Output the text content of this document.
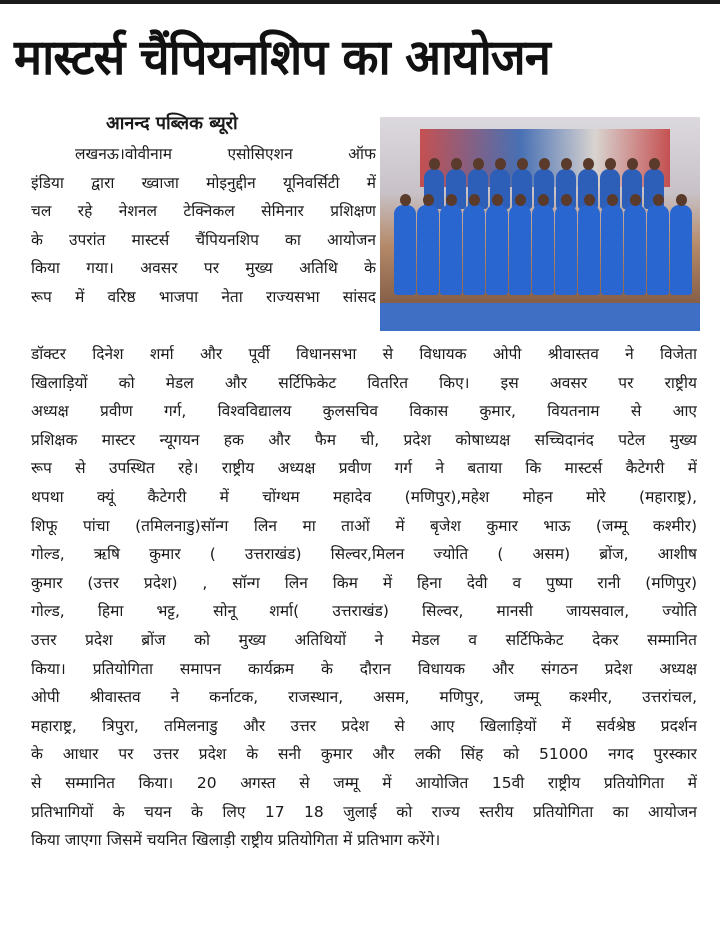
मास्टर्स चैंपियनशिप का आयोजन
आनन्द पब्लिक ब्यूरो
लखनऊ।वोवीनाम एसोसिएशन ऑफ
इंडिया द्वारा ख्वाजा मोइनुद्दीन यूनिवर्सिटी में
चल रहे नेशनल टेक्निकल सेमिनार प्रशिक्षण
के उपरांत मास्टर्स चैंपियनशिप का आयोजन
किया गया। अवसर पर मुख्य अतिथि के
रूप में वरिष्ठ भाजपा नेता राज्यसभा सांसद
डॉक्टर दिनेश शर्मा और पूर्वी विधानसभा से विधायक ओपी श्रीवास्तव ने विजेता
खिलाड़ियों को मेडल और सर्टिफिकेट वितरित किए। इस अवसर पर राष्ट्रीय
अध्यक्ष प्रवीण गर्ग, विश्वविद्यालय कुलसचिव विकास कुमार, वियतनाम से आए
प्रशिक्षक मास्टर न्यूगयन हक और फैम ची, प्रदेश कोषाध्यक्ष सच्चिदानंद पटेल मुख्य
रूप से उपस्थित रहे। राष्ट्रीय अध्यक्ष प्रवीण गर्ग ने बताया कि मास्टर्स कैटेगरी में
थपथा क्यूं कैटेगरी में चोंग्थम महादेव (मणिपुर),महेश मोहन मोरे (महाराष्ट्र),
शिफू पांचा (तमिलनाडु)सॉन्ग लिन मा ताओं में बृजेश कुमार भाऊ (जम्मू कश्मीर)
गोल्ड, ऋषि कुमार ( उत्तराखंड) सिल्वर,मिलन ज्योति ( असम) ब्रोंज, आशीष
कुमार (उत्तर प्रदेश) , सॉन्ग लिन किम में हिना देवी व पुष्पा रानी (मणिपुर)
गोल्ड, हिमा भट्ट, सोनू शर्मा( उत्तराखंड) सिल्वर, मानसी जायसवाल, ज्योति
उत्तर प्रदेश ब्रोंज को मुख्य अतिथियों ने मेडल व सर्टिफिकेट देकर सम्मानित
किया। प्रतियोगिता समापन कार्यक्रम के दौरान विधायक और संगठन प्रदेश अध्यक्ष
ओपी श्रीवास्तव ने कर्नाटक, राजस्थान, असम, मणिपुर, जम्मू कश्मीर, उत्तरांचल,
महाराष्ट्र, त्रिपुरा, तमिलनाडु और उत्तर प्रदेश से आए खिलाड़ियों में सर्वश्रेष्ठ प्रदर्शन
के आधार पर उत्तर प्रदेश के सनी कुमार और लकी सिंह को 51000 नगद पुरस्कार
से सम्मानित किया। 20 अगस्त से जम्मू में आयोजित 15वी राष्ट्रीय प्रतियोगिता में
प्रतिभागियों के चयन के लिए 17 18 जुलाई को राज्य स्तरीय प्रतियोगिता का आयोजन
किया जाएगा जिसमें चयनित खिलाड़ी राष्ट्रीय प्रतियोगिता में प्रतिभाग करेंगे।
